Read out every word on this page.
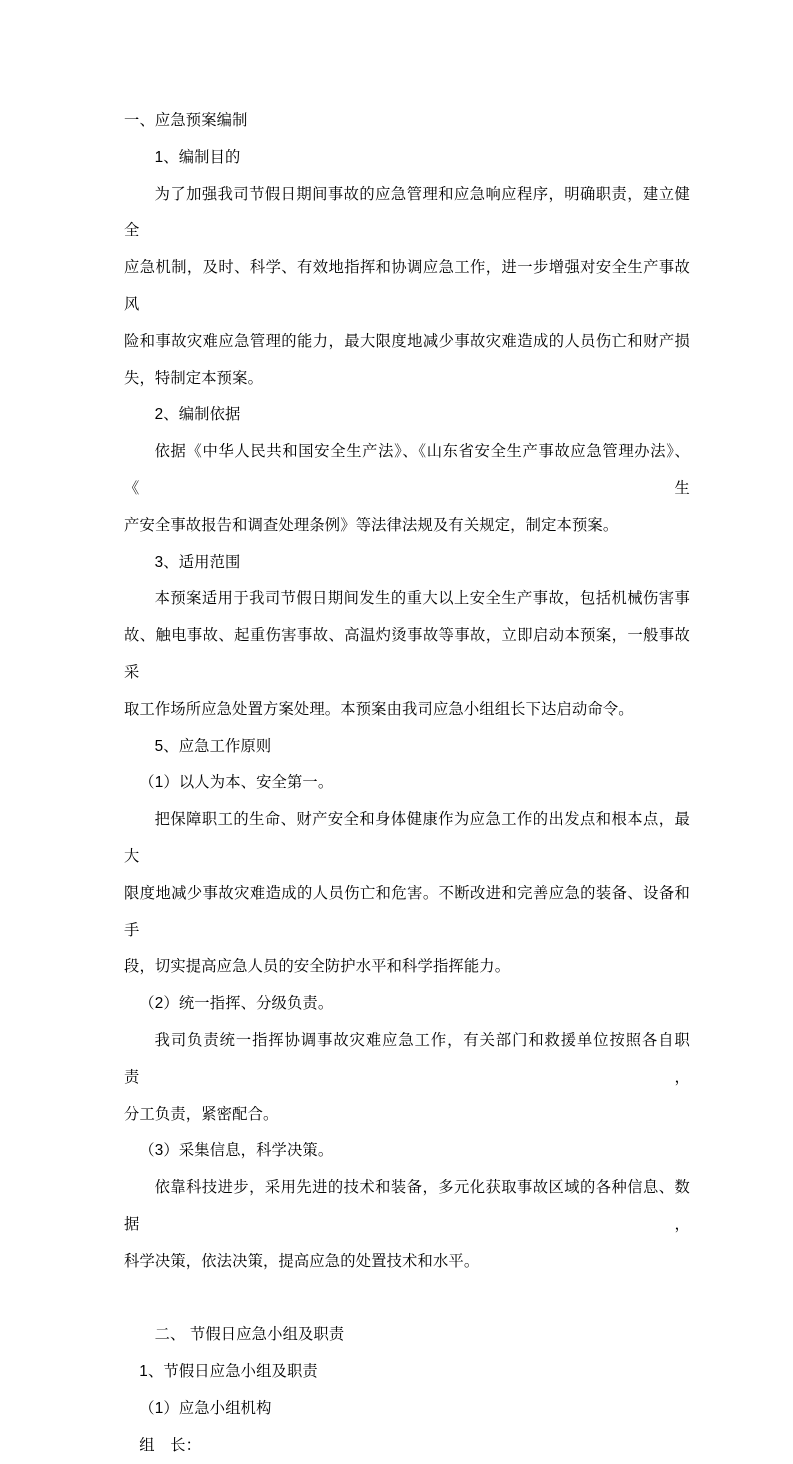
一、应急预案编制

1、编制目的

为了加强我司节假日期间事故的应急管理和应急响应程序，明确职责，建立健全

应急机制，及时、科学、有效地指挥和协调应急工作，进一步增强对安全生产事故风

险和事故灾难应急管理的能力，最大限度地减少事故灾难造成的人员伤亡和财产损

失，特制定本预案。

2、编制依据

依据《中华人民共和国安全生产法》、《山东省安全生产事故应急管理办法》、《生

产安全事故报告和调查处理条例》等法律法规及有关规定，制定本预案。

3、适用范围

本预案适用于我司节假日期间发生的重大以上安全生产事故，包括机械伤害事

故、触电事故、起重伤害事故、高温灼烫事故等事故，立即启动本预案，一般事故采

取工作场所应急处置方案处理。本预案由我司应急小组组长下达启动命令。

5、应急工作原则

（1）以人为本、安全第一。

把保障职工的生命、财产安全和身体健康作为应急工作的出发点和根本点，最大

限度地减少事故灾难造成的人员伤亡和危害。不断改进和完善应急的装备、设备和手

段，切实提高应急人员的安全防护水平和科学指挥能力。

（2）统一指挥、分级负责。

我司负责统一指挥协调事故灾难应急工作，有关部门和救援单位按照各自职责，

分工负责，紧密配合。

（3）采集信息，科学决策。

依靠科技进步，采用先进的技术和装备，多元化获取事故区域的各种信息、数据，

科学决策，依法决策，提高应急的处置技术和水平。

二、 节假日应急小组及职责

1、节假日应急小组及职责

（1）应急小组机构

组　长：
